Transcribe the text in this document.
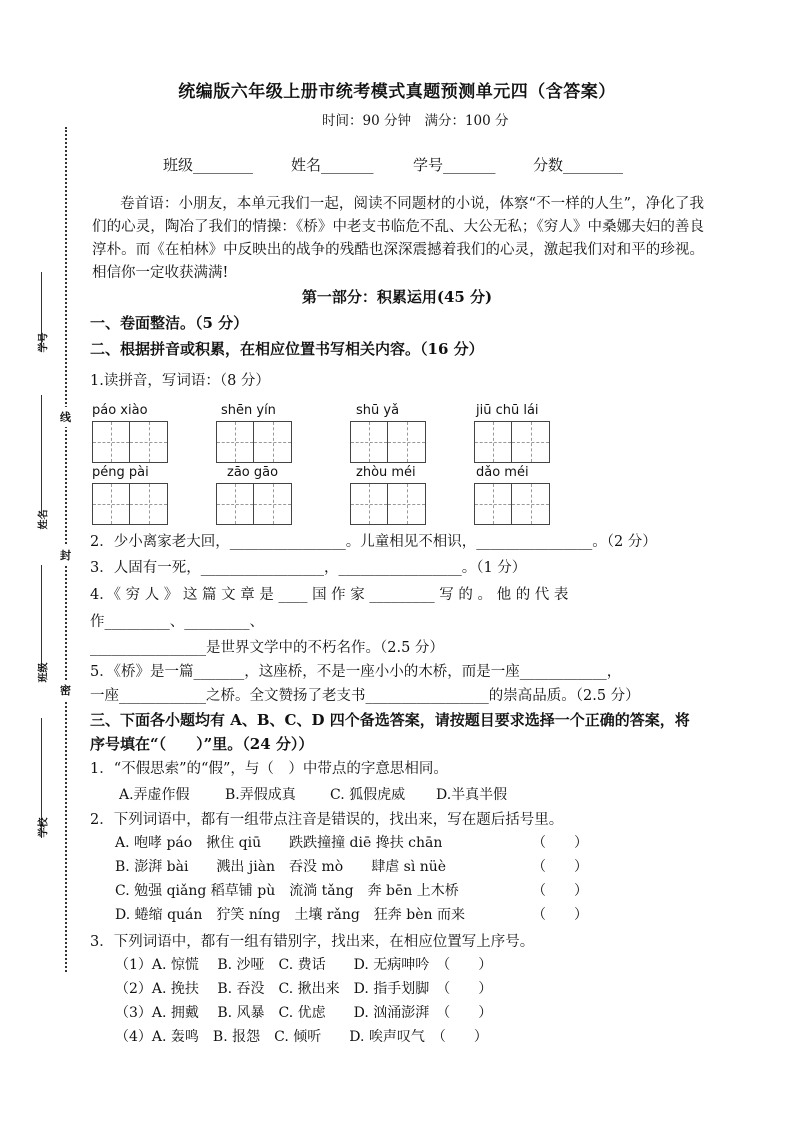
学号
姓名
班级
学校
线
封
密
统编版六年级上册市统考模式真题预测单元四（含答案）
时间：90 分钟　满分：100 分
班级________	姓名_______	学号_______ 分数________
卷首语：小朋友，本单元我们一起，阅读不同题材的小说，体察“不一样的人生”，净化了我们的心灵，陶冶了我们的情操：《桥》中老支书临危不乱、大公无私；《穷人》中桑娜夫妇的善良淳朴。而《在柏林》中反映出的战争的残酷也深深震撼着我们的心灵，激起我们对和平的珍视。相信你一定收获满满!
第一部分：积累运用(45 分)
一、卷面整洁。（5 分）
二、根据拼音或积累，在相应位置书写相关内容。（16 分）
1.读拼音，写词语：（8 分）
páo xiào	shēn yín	shū yǎ	jiū chū lái
péng pài	zāo gāo	zhòu méi	dǎo méi
2．少小离家老大回，________________。儿童相见不相识，________________。（2 分）
3．人固有一死，_________________，_________________。（1 分）
4．《 穷 人 》 这 篇 文 章 是 ____ 国 作 家 _________ 写 的 。 他 的 代 表
作_________、_________、
________________是世界文学中的不朽名作。（2.5 分）
5．《桥》是一篇_______，这座桥，不是一座小小的木桥，而是一座____________，
一座____________之桥。全文赞扬了老支书_________________的崇高品质。（2.5 分）
三、下面各小题均有 A、B、C、D 四个备选答案，请按题目要求选择一个正确的答案，将
序号填在“（　　）”里。（24 分））
1．“不假思索”的“假”，与（　）中带点的字意思相同。
A.弄虚作假	B.弄假成真 C. 狐假虎威 D.半真半假
2．下列词语中，都有一组带点注音是错误的，找出来，写在题后括号里。
A. 咆哮 páo　揪住 qiū　　跌跌撞撞 diē 搀扶 chān	（　　）
B. 澎湃 bài　　溅出 jiàn　吞没 mò　　肆虐 sì nüè	（　　）
C. 勉强 qiǎng 稻草铺 pù　流淌 tǎng　奔 bēn 上木桥	（　　）
D. 蜷缩 quán　狞笑 níng　土壤 rǎng　狂奔 bèn 而来	（　　）
3．下列词语中，都有一组有错别字，找出来，在相应位置写上序号。
（1）A. 惊慌　 B. 沙哑　C. 费话　　D. 无病呻吟　（　　）
（2）A. 挽扶　 B. 吞没　C. 揪出来　D. 指手划脚　（　　）
（3）A. 拥戴　 B. 风暴　C. 优虑　　D. 汹涌澎湃　（　　）
（4）A. 轰鸣　B. 报怨　C. 倾听　　D. 唉声叹气　（　　）
